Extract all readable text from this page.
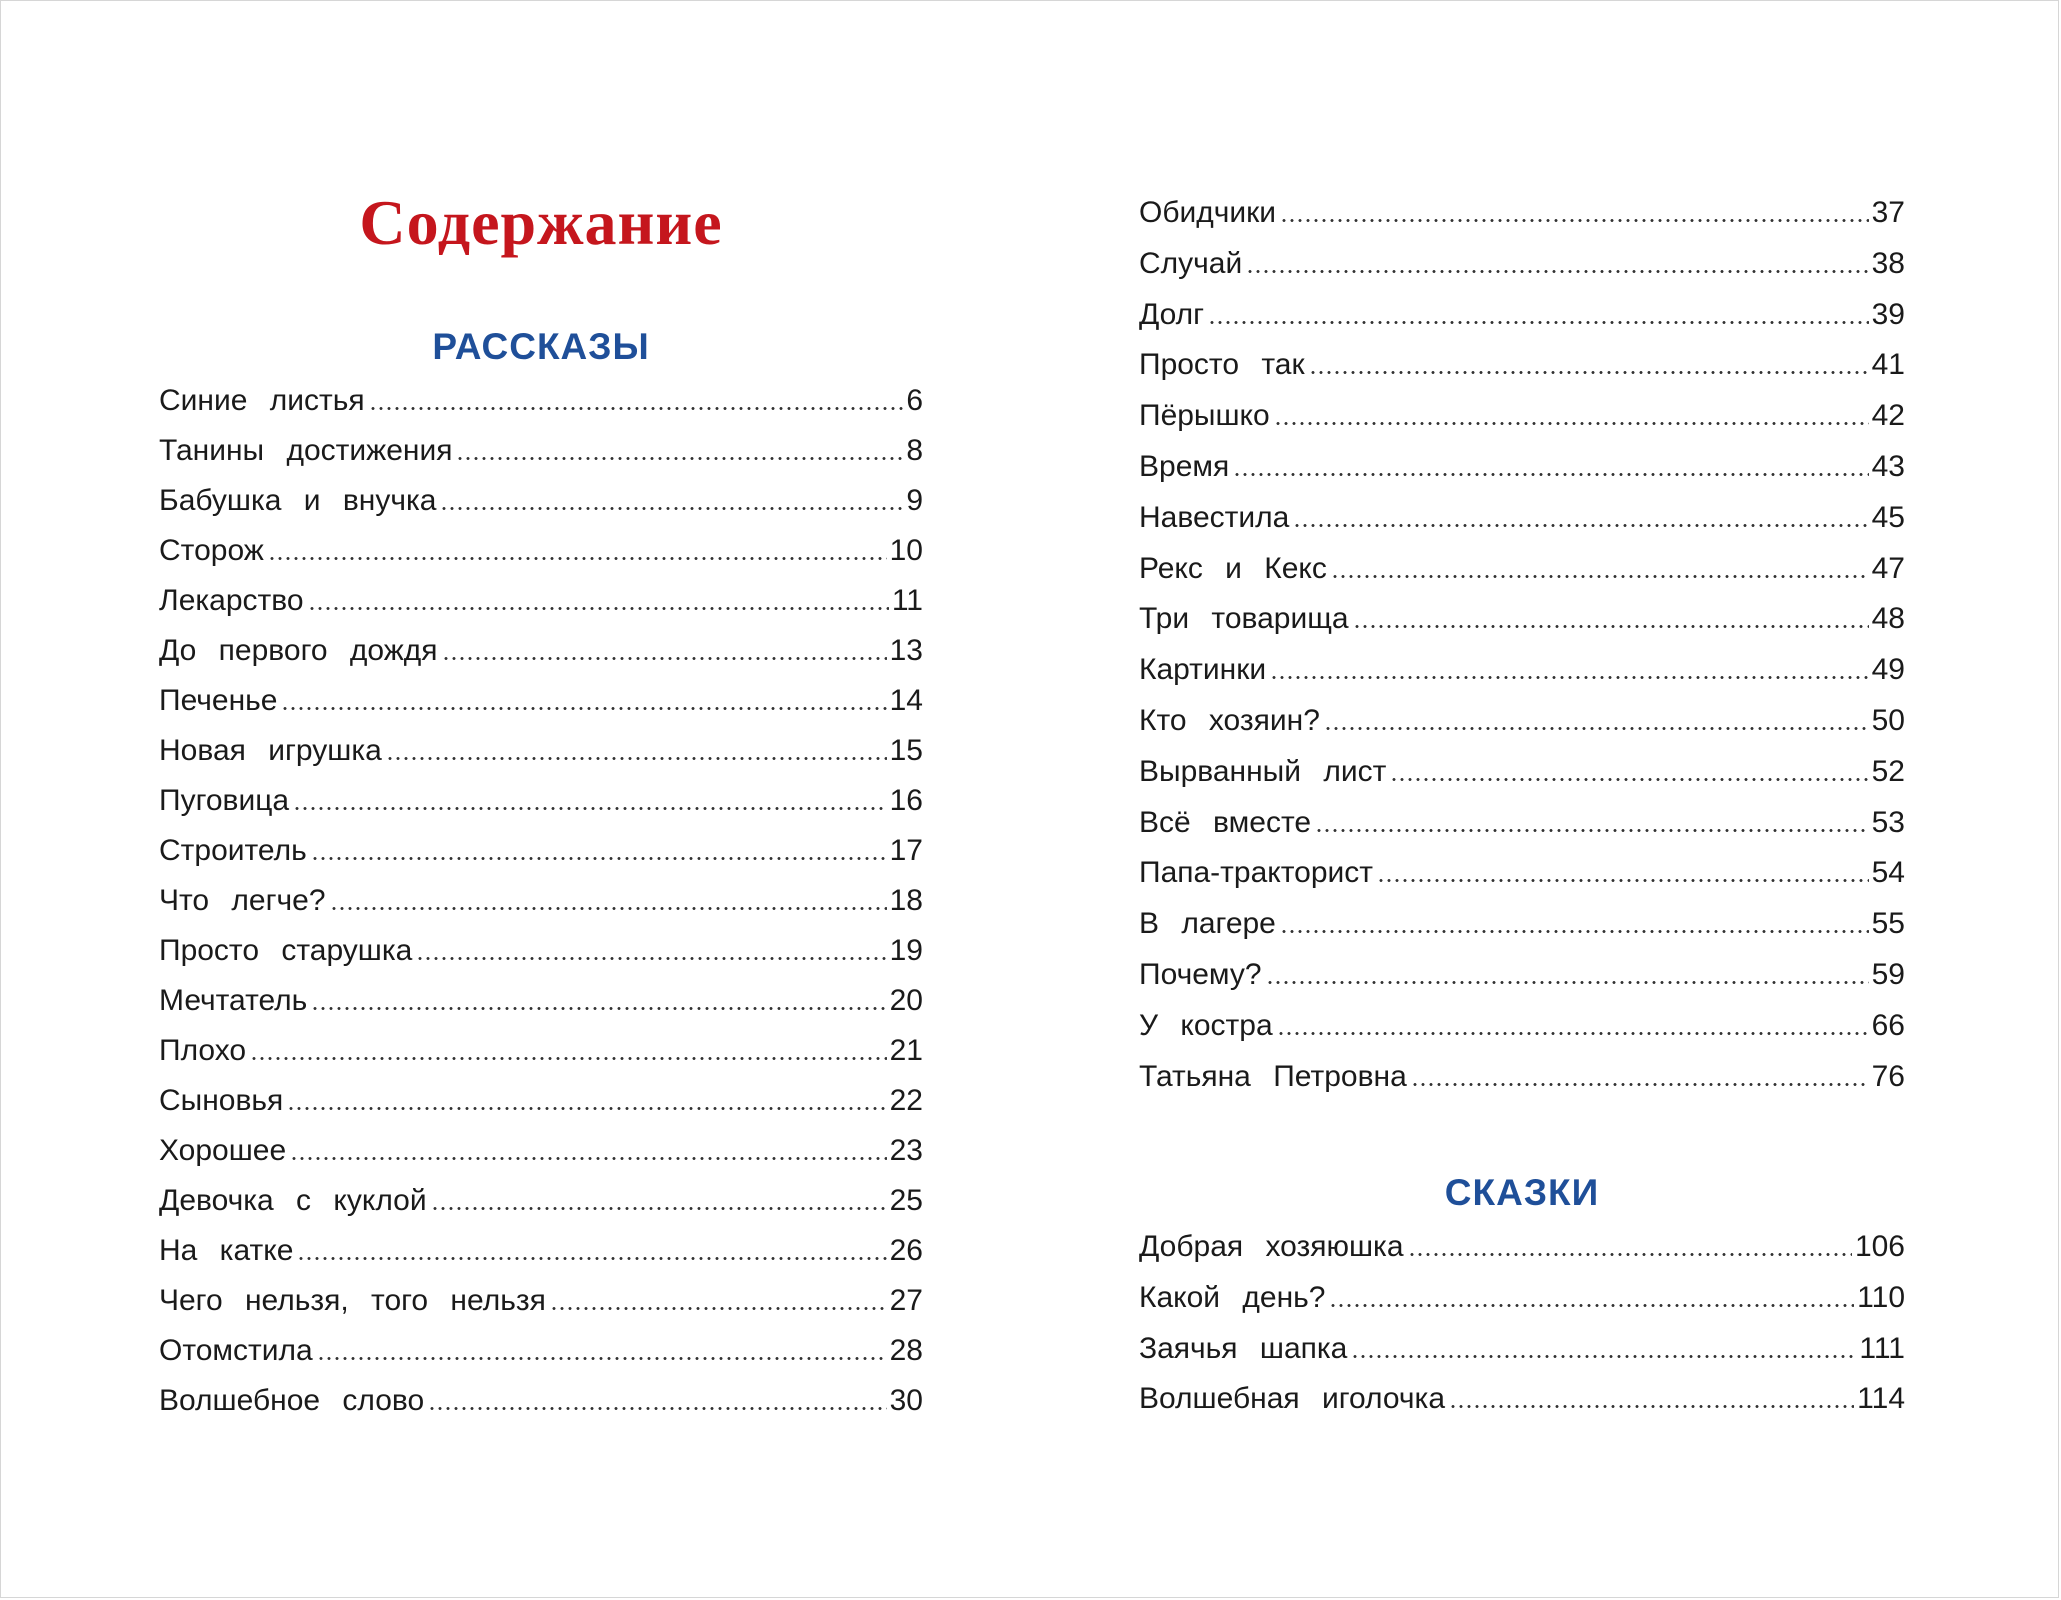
Содержание
РАССКАЗЫ
Синие листья	6
Танины достижения	8
Бабушка и внучка	9
Сторож	10
Лекарство	11
До первого дождя	13
Печенье	14
Новая игрушка	15
Пуговица	16
Строитель	17
Что легче?	18
Просто старушка	19
Мечтатель	20
Плохо	21
Сыновья	22
Хорошее	23
Девочка с куклой	25
На катке	26
Чего нельзя, того нельзя	27
Отомстила	28
Волшебное слово	30
Обидчики	37
Случай	38
Долг	39
Просто так	41
Пёрышко	42
Время	43
Навестила	45
Рекс и Кекс	47
Три товарища	48
Картинки	49
Кто хозяин?	50
Вырванный лист	52
Всё вместе	53
Папа-тракторист	54
В лагере	55
Почему?	59
У костра	66
Татьяна Петровна	76
СКАЗКИ
Добрая хозяюшка	106
Какой день?	110
Заячья шапка	111
Волшебная иголочка	114
